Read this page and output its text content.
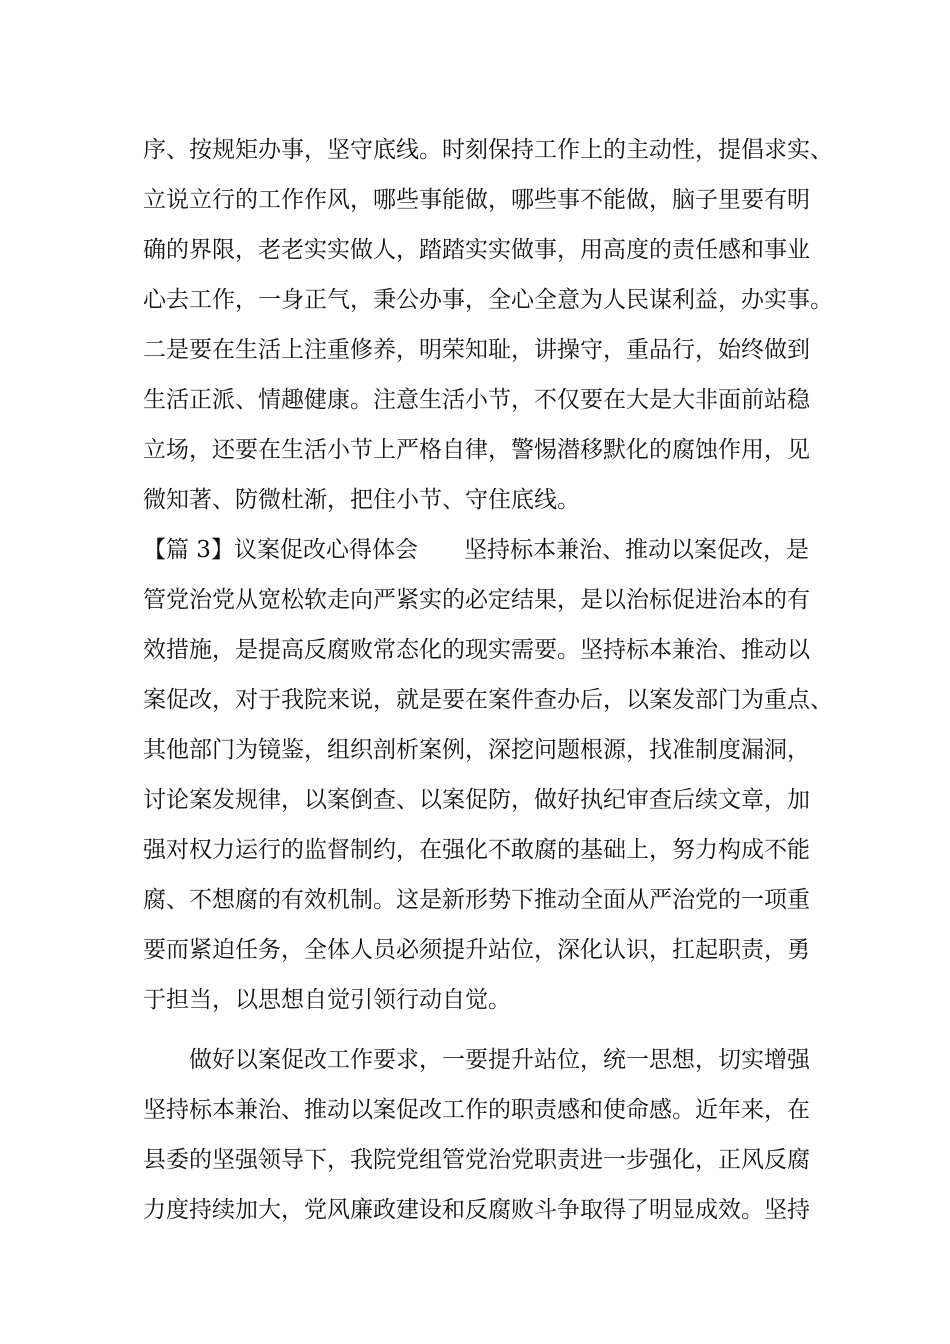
序、按规矩办事，坚守底线。时刻保持工作上的主动性，提倡求实、
立说立行的工作作风，哪些事能做，哪些事不能做，脑子里要有明
确的界限，老老实实做人，踏踏实实做事，用高度的责任感和事业
心去工作，一身正气，秉公办事，全心全意为人民谋利益，办实事。
二是要在生活上注重修养，明荣知耻，讲操守，重品行，始终做到
生活正派、情趣健康。注意生活小节，不仅要在大是大非面前站稳
立场，还要在生活小节上严格自律，警惕潜移默化的腐蚀作用，见
微知著、防微杜渐，把住小节、守住底线。
【篇 3】议案促改心得体会　　坚持标本兼治、推动以案促改，是
管党治党从宽松软走向严紧实的必定结果，是以治标促进治本的有
效措施，是提高反腐败常态化的现实需要。坚持标本兼治、推动以
案促改，对于我院来说，就是要在案件查办后，以案发部门为重点、
其他部门为镜鉴，组织剖析案例，深挖问题根源，找准制度漏洞，
讨论案发规律，以案倒查、以案促防，做好执纪审查后续文章，加
强对权力运行的监督制约，在强化不敢腐的基础上，努力构成不能
腐、不想腐的有效机制。这是新形势下推动全面从严治党的一项重
要而紧迫任务，全体人员必须提升站位，深化认识，扛起职责，勇
于担当，以思想自觉引领行动自觉。
做好以案促改工作要求，一要提升站位，统一思想，切实增强
坚持标本兼治、推动以案促改工作的职责感和使命感。近年来，在
县委的坚强领导下，我院党组管党治党职责进一步强化，正风反腐
力度持续加大，党风廉政建设和反腐败斗争取得了明显成效。坚持
